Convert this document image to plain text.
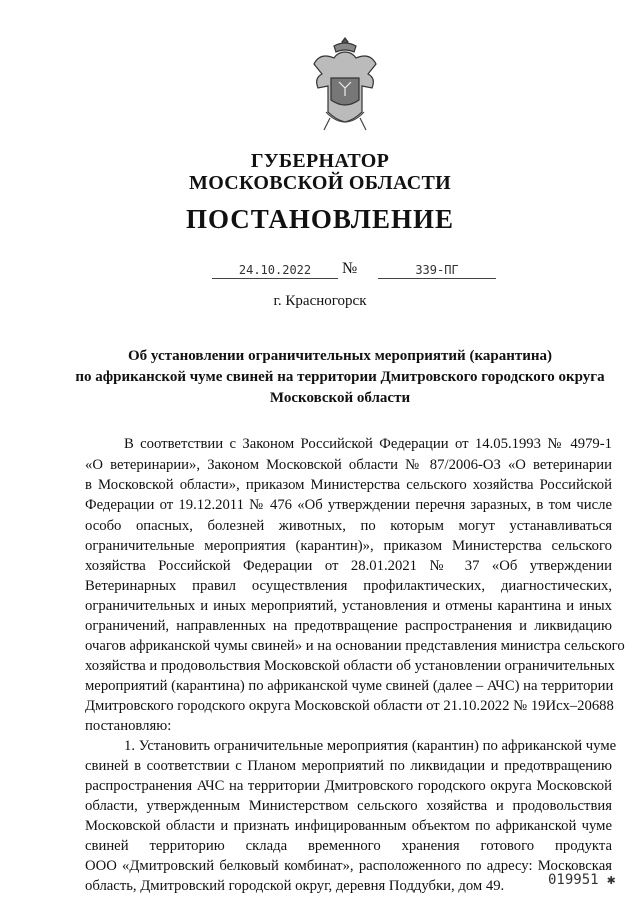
ГУБЕРНАТОР
МОСКОВСКОЙ ОБЛАСТИ
ПОСТАНОВЛЕНИЕ
24.10.2022	№	339-ПГ
г. Красногорск
Об установлении ограничительных мероприятий (карантина)
по африканской чуме свиней на территории Дмитровского городского округа
Московской области
В соответствии с Законом Российской Федерации от 14.05.1993 № 4979-1
«О ветеринарии», Законом Московской области № 87/2006-ОЗ «О ветеринарии
в Московской области», приказом Министерства сельского хозяйства Российской
Федерации от 19.12.2011 № 476 «Об утверждении перечня заразных, в том числе
особо опасных, болезней животных, по которым могут устанавливаться
ограничительные мероприятия (карантин)», приказом Министерства сельского
хозяйства Российской Федерации от 28.01.2021 № 37 «Об утверждении
Ветеринарных правил осуществления профилактических, диагностических,
ограничительных и иных мероприятий, установления и отмены карантина и иных
ограничений, направленных на предотвращение распространения и ликвидацию
очагов африканской чумы свиней» и на основании представления министра сельского
хозяйства и продовольствия Московской области об установлении ограничительных
мероприятий (карантина) по африканской чуме свиней (далее – АЧС) на территории
Дмитровского городского округа Московской области от 21.10.2022 № 19Исх–20688
постановляю:
1. Установить ограничительные мероприятия (карантин) по африканской чуме
свиней в соответствии с Планом мероприятий по ликвидации и предотвращению
распространения АЧС на территории Дмитровского городского округа Московской
области, утвержденным Министерством сельского хозяйства и продовольствия
Московской области и признать инфицированным объектом по африканской чуме
свиней территорию склада временного хранения готового продукта
ООО «Дмитровский белковый комбинат», расположенного по адресу: Московская
область, Дмитровский городской округ, деревня Поддубки, дом 49.	019951 ✱
